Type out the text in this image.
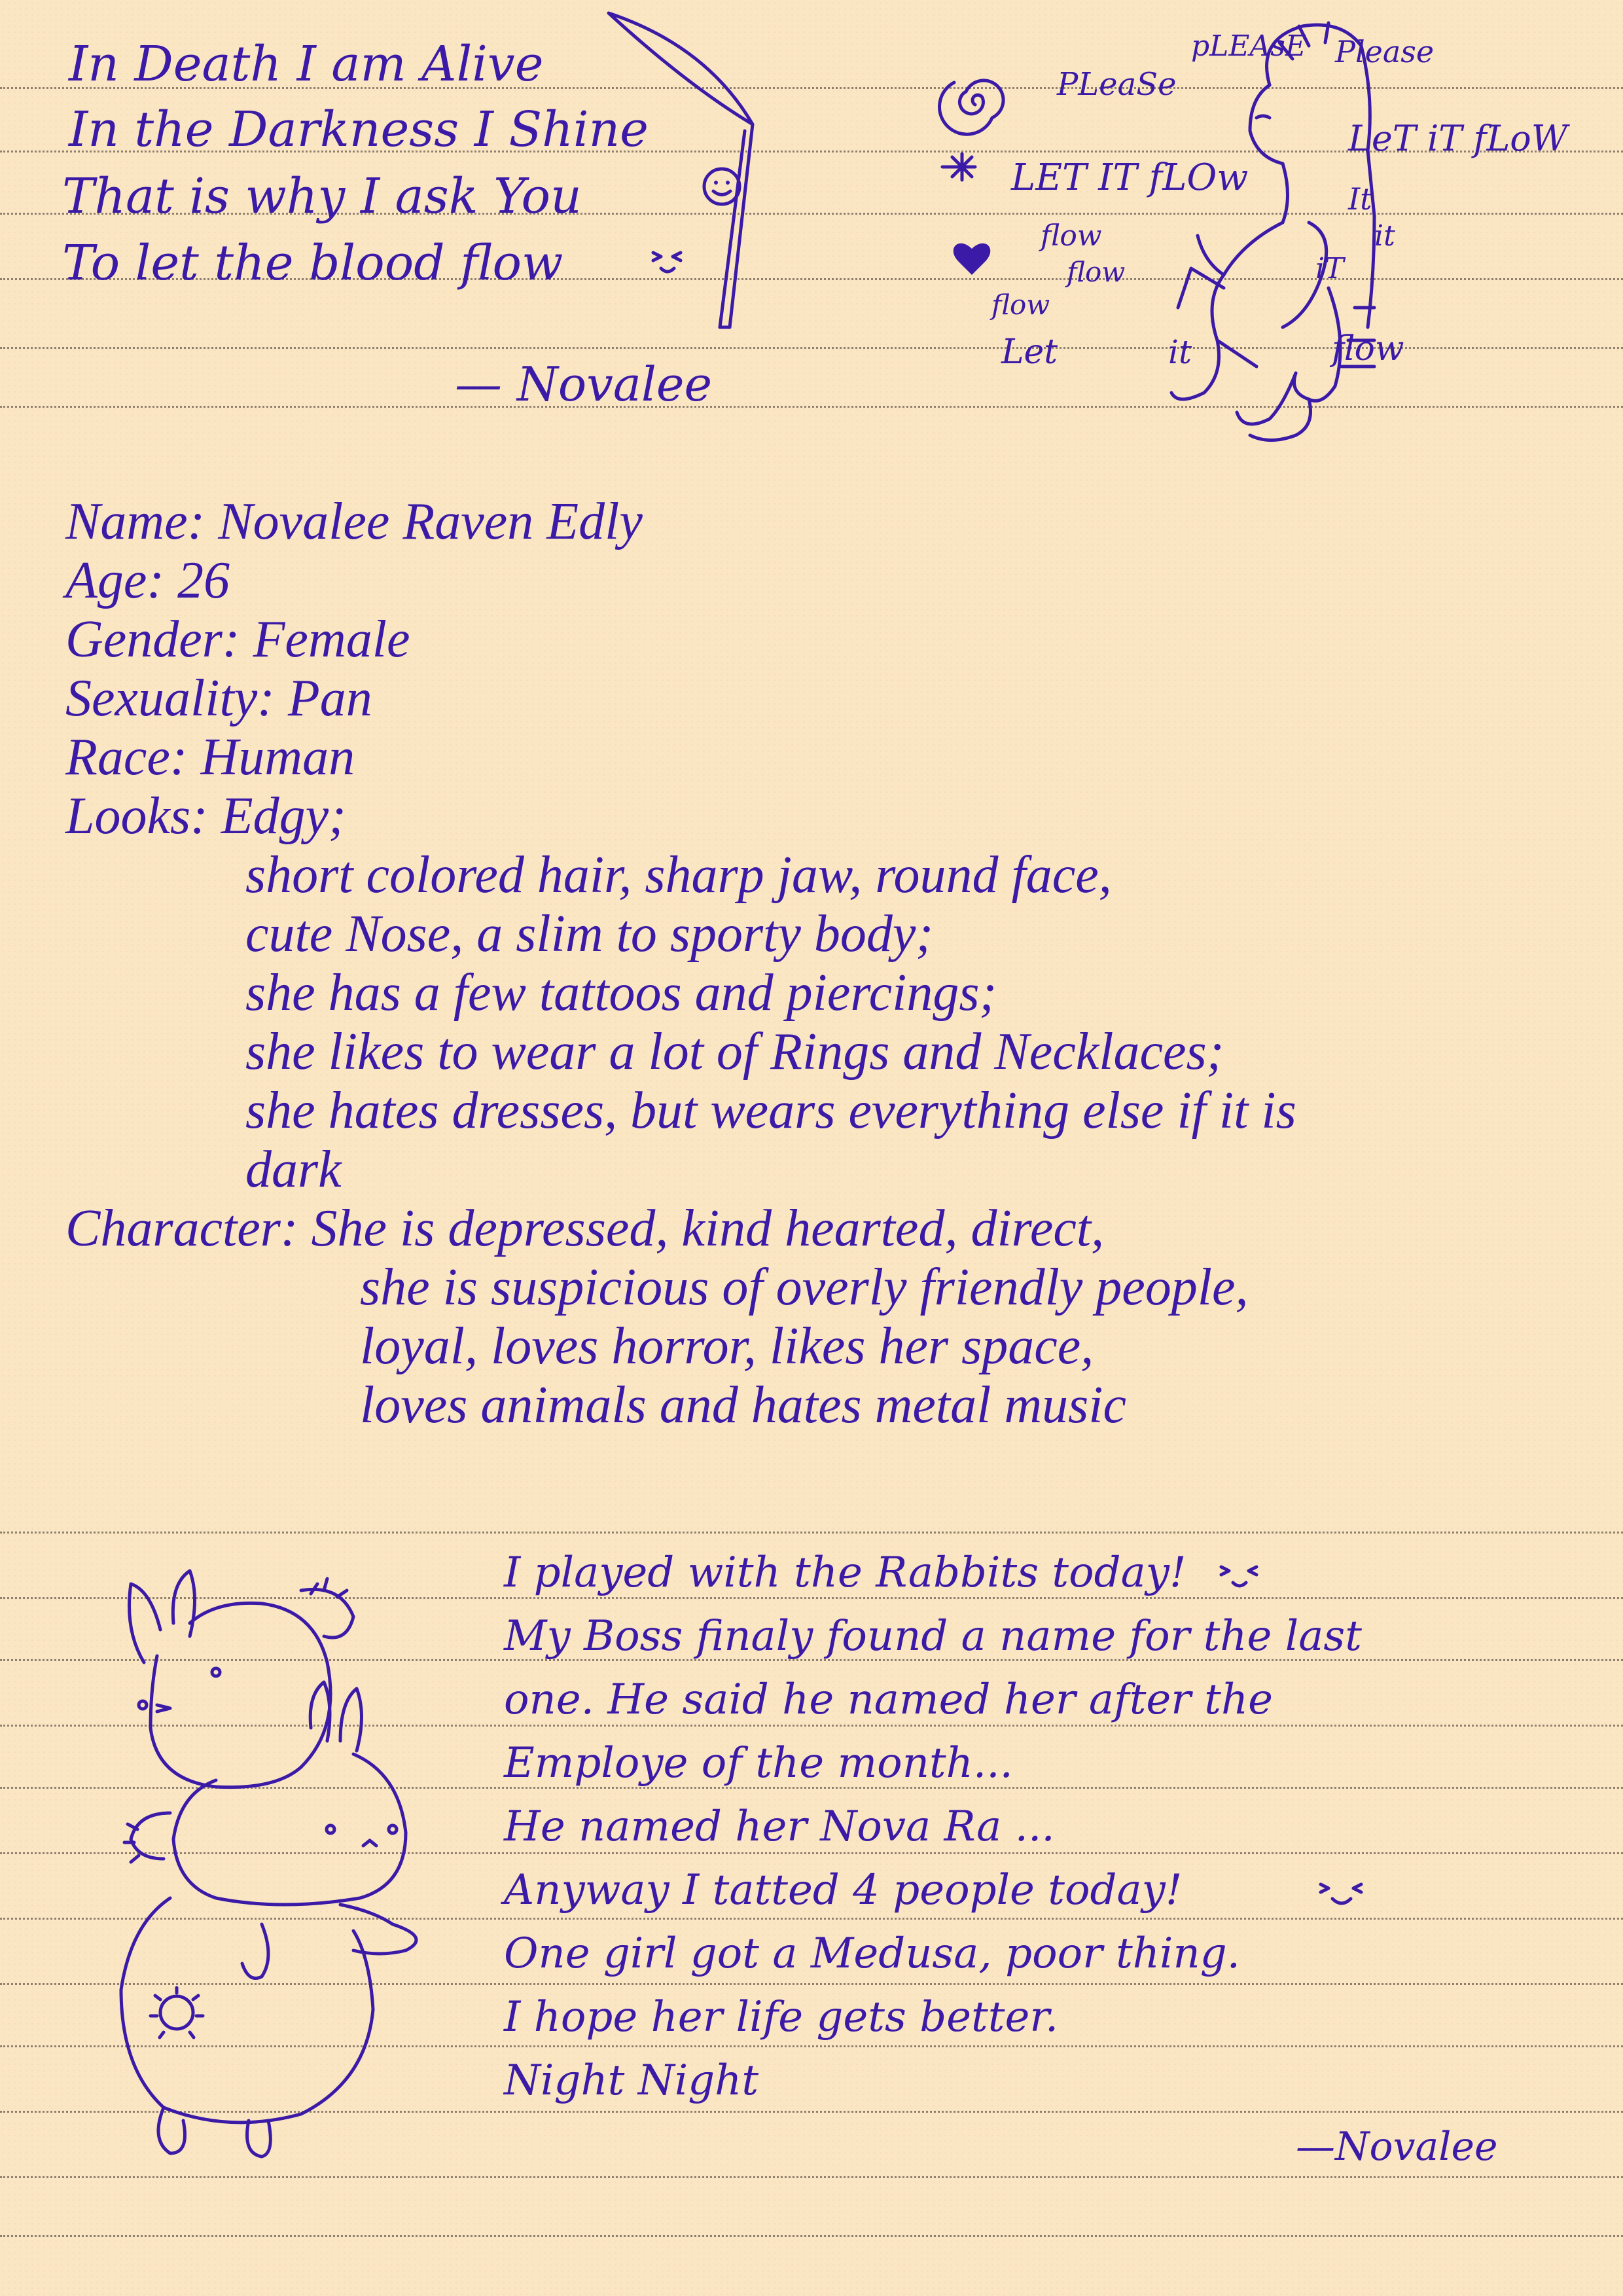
In Death I am Alive
In the Darkness I Shine
That is why I ask You
To let the blood flow
— Novalee
PLeaSe
pLEAsE Please
LeT iT fLoW
LET IT fLOw	It
it
iT
flow
flow
flow
Let	it	flow
Name: Novalee Raven Edly
Age: 26
Gender: Female
Sexuality: Pan
Race: Human
Looks: Edgy;
short colored hair, sharp jaw, round face,
cute Nose, a slim to sporty body;
she has a few tattoos and piercings;
she likes to wear a lot of Rings and Necklaces;
she hates dresses, but wears everything else if it is
dark
Character: She is depressed, kind hearted, direct,
she is suspicious of overly friendly people,
loyal, loves horror, likes her space,
loves animals and hates metal music
I played with the Rabbits today!
My Boss finaly found a name for the last
one. He said he named her after the
Employe of the month...
He named her Nova Ra ...
Anyway I tatted 4 people today!
One girl got a Medusa, poor thing.
I hope her life gets better.
Night Night
—Novalee
